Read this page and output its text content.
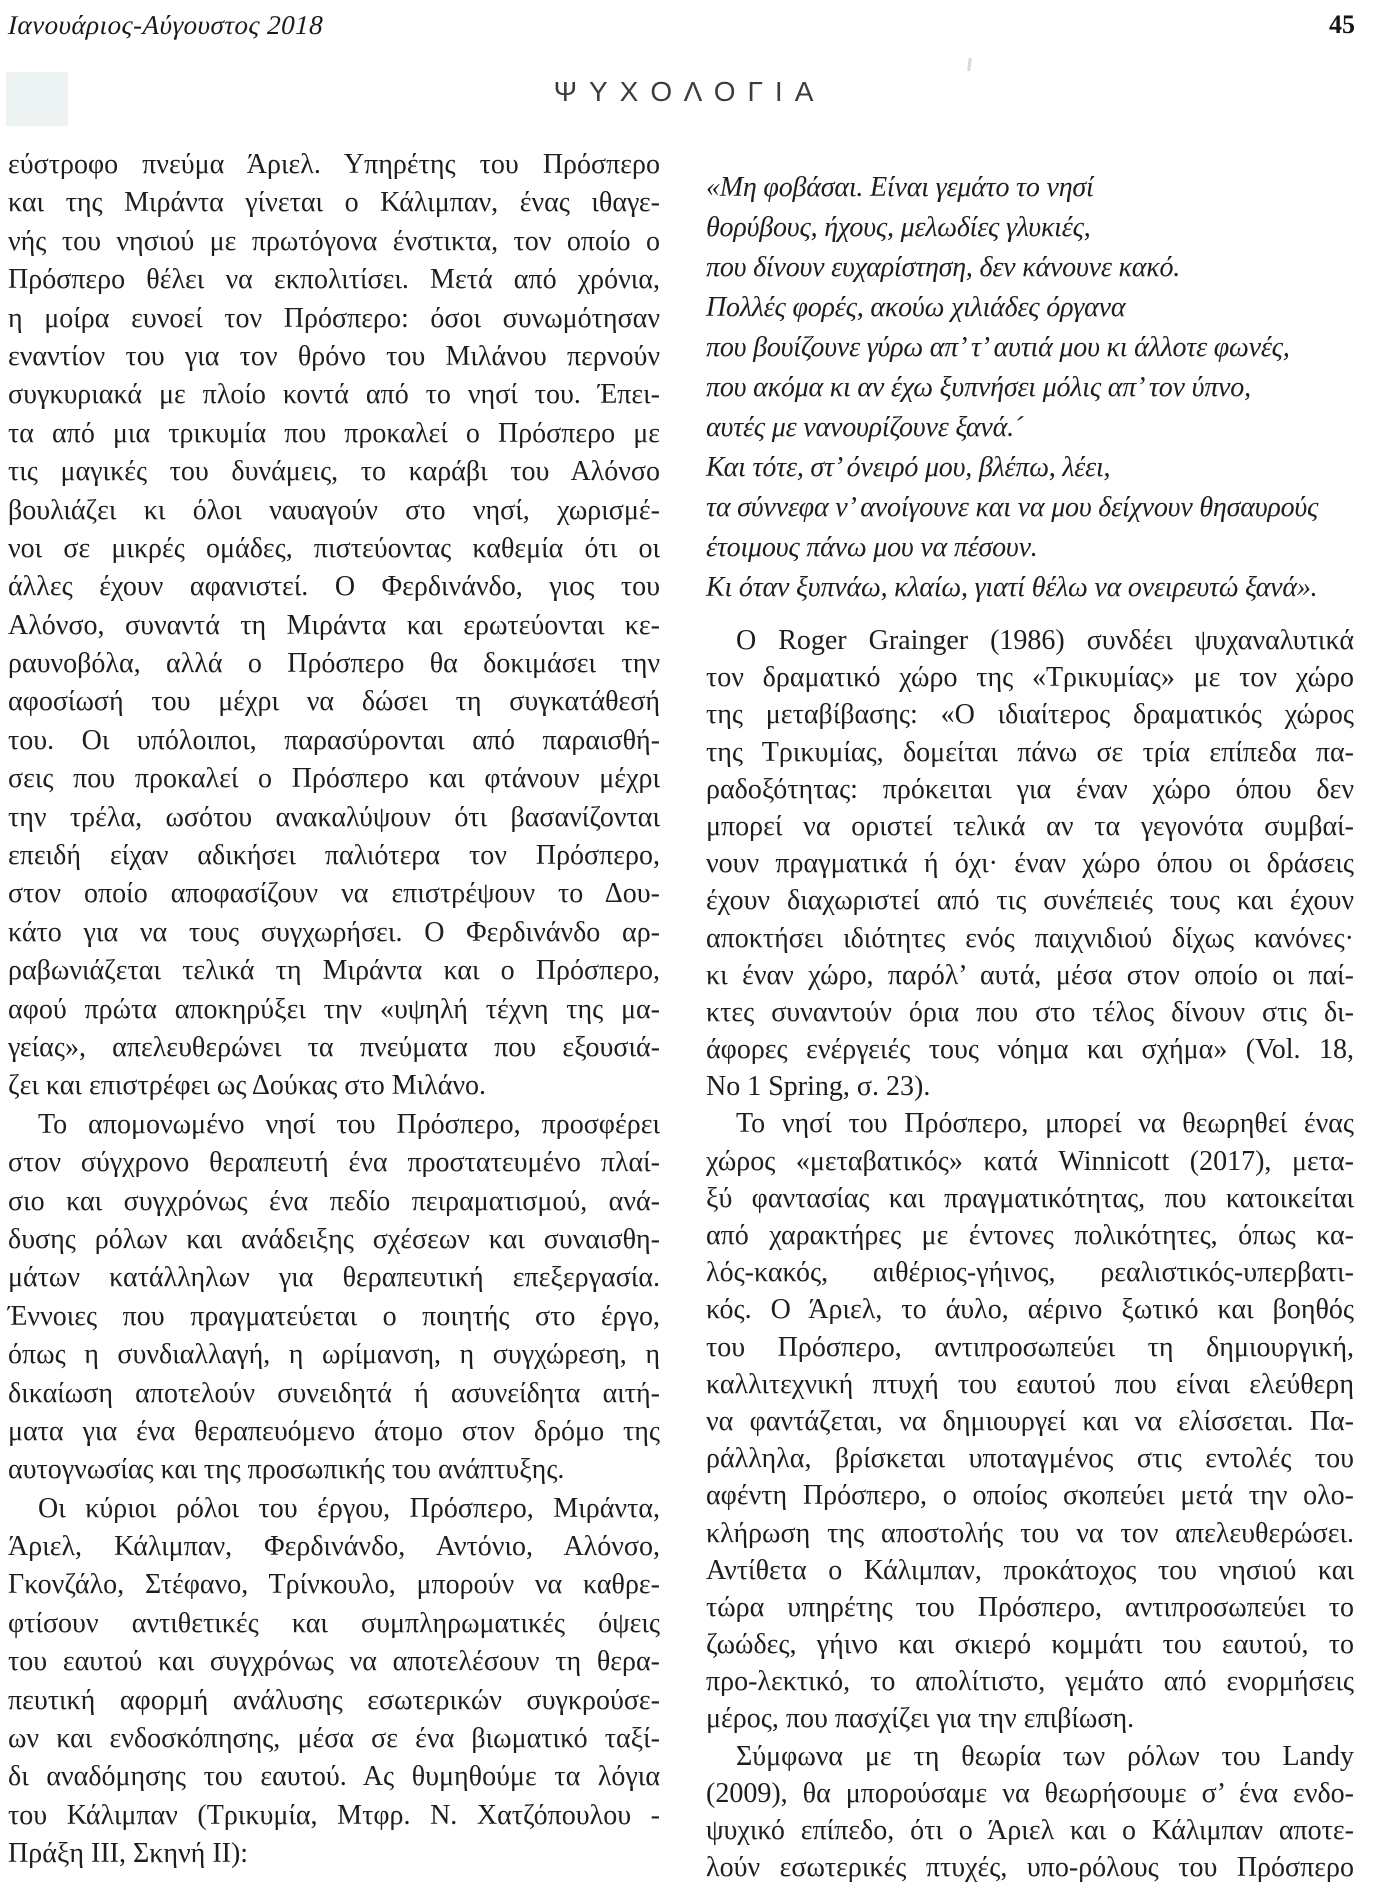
Ιανουάριος-Αύγουστος 2018	45
ΨΥΧΟΛΟΓΙΑ
εύστροφο πνεύμα Άριελ. Υπηρέτης του Πρόσπερο
και της Μιράντα γίνεται ο Κάλιμπαν, ένας ιθαγε-
νής του νησιού με πρωτόγονα ένστικτα, τον οποίο ο
Πρόσπερο θέλει να εκπολιτίσει. Μετά από χρόνια,
η μοίρα ευνοεί τον Πρόσπερο: όσοι συνωμότησαν
εναντίον του για τον θρόνο του Μιλάνου περνούν
συγκυριακά με πλοίο κοντά από το νησί του. Έπει-
τα από μια τρικυμία που προκαλεί ο Πρόσπερο με
τις μαγικές του δυνάμεις, το καράβι του Αλόνσο
βουλιάζει κι όλοι ναυαγούν στο νησί, χωρισμέ-
νοι σε μικρές ομάδες, πιστεύοντας καθεμία ότι οι
άλλες έχουν αφανιστεί. Ο Φερδινάνδο, γιος του
Αλόνσο, συναντά τη Μιράντα και ερωτεύονται κε-
ραυνοβόλα, αλλά ο Πρόσπερο θα δοκιμάσει την
αφοσίωσή του μέχρι να δώσει τη συγκατάθεσή
του. Οι υπόλοιποι, παρασύρονται από παραισθή-
σεις που προκαλεί ο Πρόσπερο και φτάνουν μέχρι
την τρέλα, ωσότου ανακαλύψουν ότι βασανίζονται
επειδή είχαν αδικήσει παλιότερα τον Πρόσπερο,
στον οποίο αποφασίζουν να επιστρέψουν το Δου-
κάτο για να τους συγχωρήσει. Ο Φερδινάνδο αρ-
ραβωνιάζεται τελικά τη Μιράντα και ο Πρόσπερο,
αφού πρώτα αποκηρύξει την «υψηλή τέχνη της μα-
γείας», απελευθερώνει τα πνεύματα που εξουσιά-
ζει και επιστρέφει ως Δούκας στο Μιλάνο.
Το απομονωμένο νησί του Πρόσπερο, προσφέρει
στον σύγχρονο θεραπευτή ένα προστατευμένο πλαί-
σιο και συγχρόνως ένα πεδίο πειραματισμού, ανά-
δυσης ρόλων και ανάδειξης σχέσεων και συναισθη-
μάτων κατάλληλων για θεραπευτική επεξεργασία.
Έννοιες που πραγματεύεται ο ποιητής στο έργο,
όπως η συνδιαλλαγή, η ωρίμανση, η συγχώρεση, η
δικαίωση αποτελούν συνειδητά ή ασυνείδητα αιτή-
ματα για ένα θεραπευόμενο άτομο στον δρόμο της
αυτογνωσίας και της προσωπικής του ανάπτυξης.
Οι κύριοι ρόλοι του έργου, Πρόσπερο, Μιράντα,
Άριελ, Κάλιμπαν, Φερδινάνδο, Αντόνιο, Αλόνσο,
Γκονζάλο, Στέφανο, Τρίνκουλο, μπορούν να καθρε-
φτίσουν αντιθετικές και συμπληρωματικές όψεις
του εαυτού και συγχρόνως να αποτελέσουν τη θερα-
πευτική αφορμή ανάλυσης εσωτερικών συγκρούσε-
ων και ενδοσκόπησης, μέσα σε ένα βιωματικό ταξί-
δι αναδόμησης του εαυτού. Ας θυμηθούμε τα λόγια
του Κάλιμπαν (Τρικυμία, Μτφρ. Ν. Χατζόπουλου -
Πράξη ΙΙΙ, Σκηνή ΙΙ):
«Μη φοβάσαι. Είναι γεμάτο το νησί
θορύβους, ήχους, μελωδίες γλυκιές,
που δίνουν ευχαρίστηση, δεν κάνουνε κακό.
Πολλές φορές, ακούω χιλιάδες όργανα
που βουίζουνε γύρω απ’ τ’ αυτιά μου κι άλλοτε φωνές,
που ακόμα κι αν έχω ξυπνήσει μόλις απ’ τον ύπνο,
αυτές με νανουρίζουνε ξανά.´
Και τότε, στ’ όνειρό μου, βλέπω, λέει,
τα σύννεφα ν’ ανοίγουνε και να μου δείχνουν θησαυρούς
έτοιμους πάνω μου να πέσουν.
Κι όταν ξυπνάω, κλαίω, γιατί θέλω να ονειρευτώ ξανά».
Ο Roger Grainger (1986) συνδέει ψυχαναλυτικά
τον δραματικό χώρο της «Τρικυμίας» με τον χώρο
της μεταβίβασης: «Ο ιδιαίτερος δραματικός χώρος
της Τρικυμίας, δομείται πάνω σε τρία επίπεδα πα-
ραδοξότητας: πρόκειται για έναν χώρο όπου δεν
μπορεί να οριστεί τελικά αν τα γεγονότα συμβαί-
νουν πραγματικά ή όχι· έναν χώρο όπου οι δράσεις
έχουν διαχωριστεί από τις συνέπειές τους και έχουν
αποκτήσει ιδιότητες ενός παιχνιδιού δίχως κανόνες·
κι έναν χώρο, παρόλ’ αυτά, μέσα στον οποίο οι παί-
κτες συναντούν όρια που στο τέλος δίνουν στις δι-
άφορες ενέργειές τους νόημα και σχήμα» (Vol. 18,
No 1 Spring, σ. 23).
Το νησί του Πρόσπερο, μπορεί να θεωρηθεί ένας
χώρος «μεταβατικός» κατά Winnicott (2017), μετα-
ξύ φαντασίας και πραγματικότητας, που κατοικείται
από χαρακτήρες με έντονες πολικότητες, όπως κα-
λός-κακός, αιθέριος-γήινος, ρεαλιστικός-υπερβατι-
κός. Ο Άριελ, το άυλο, αέρινο ξωτικό και βοηθός
του Πρόσπερο, αντιπροσωπεύει τη δημιουργική,
καλλιτεχνική πτυχή του εαυτού που είναι ελεύθερη
να φαντάζεται, να δημιουργεί και να ελίσσεται. Πα-
ράλληλα, βρίσκεται υποταγμένος στις εντολές του
αφέντη Πρόσπερο, ο οποίος σκοπεύει μετά την ολο-
κλήρωση της αποστολής του να τον απελευθερώσει.
Αντίθετα ο Κάλιμπαν, προκάτοχος του νησιού και
τώρα υπηρέτης του Πρόσπερο, αντιπροσωπεύει το
ζωώδες, γήινο και σκιερό κομμάτι του εαυτού, το
προ-λεκτικό, το απολίτιστο, γεμάτο από ενορμήσεις
μέρος, που πασχίζει για την επιβίωση.
Σύμφωνα με τη θεωρία των ρόλων του Landy
(2009), θα μπορούσαμε να θεωρήσουμε σ’ ένα ενδο-
ψυχικό επίπεδο, ότι ο Άριελ και ο Κάλιμπαν αποτε-
λούν εσωτερικές πτυχές, υπο-ρόλους του Πρόσπερο
